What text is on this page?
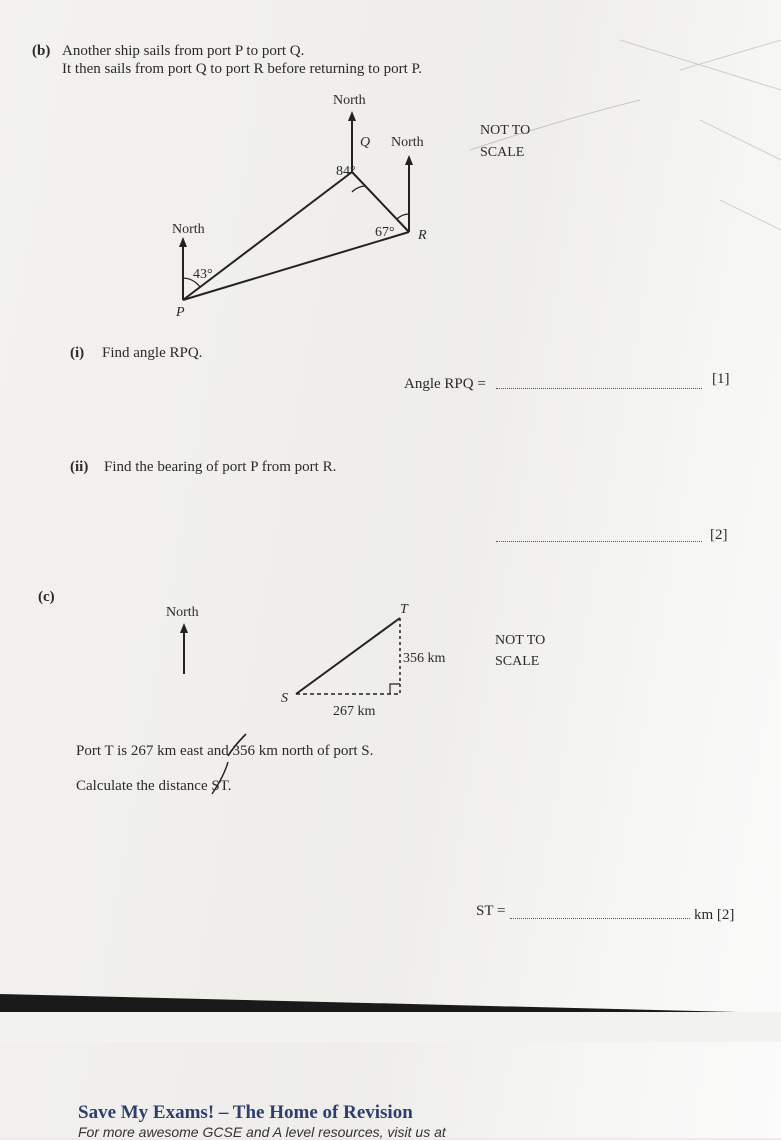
(b) Another ship sails from port P to port Q.
It then sails from port Q to port R before returning to port P.
North
Q North
84°
North	67° R
43°
P
NOT TO
SCALE
(i) Find angle RPQ.
Angle RPQ =	[1]
(ii) Find the bearing of port P from port R.
[2]
(c)
North	T
356 km
NOT TO
SCALE
S
267 km
Port T is 267 km east and 356 km north of port S.
Calculate the distance ST.
ST =	km [2]
Save My Exams! – The Home of Revision
For more awesome GCSE and A level resources, visit us at
